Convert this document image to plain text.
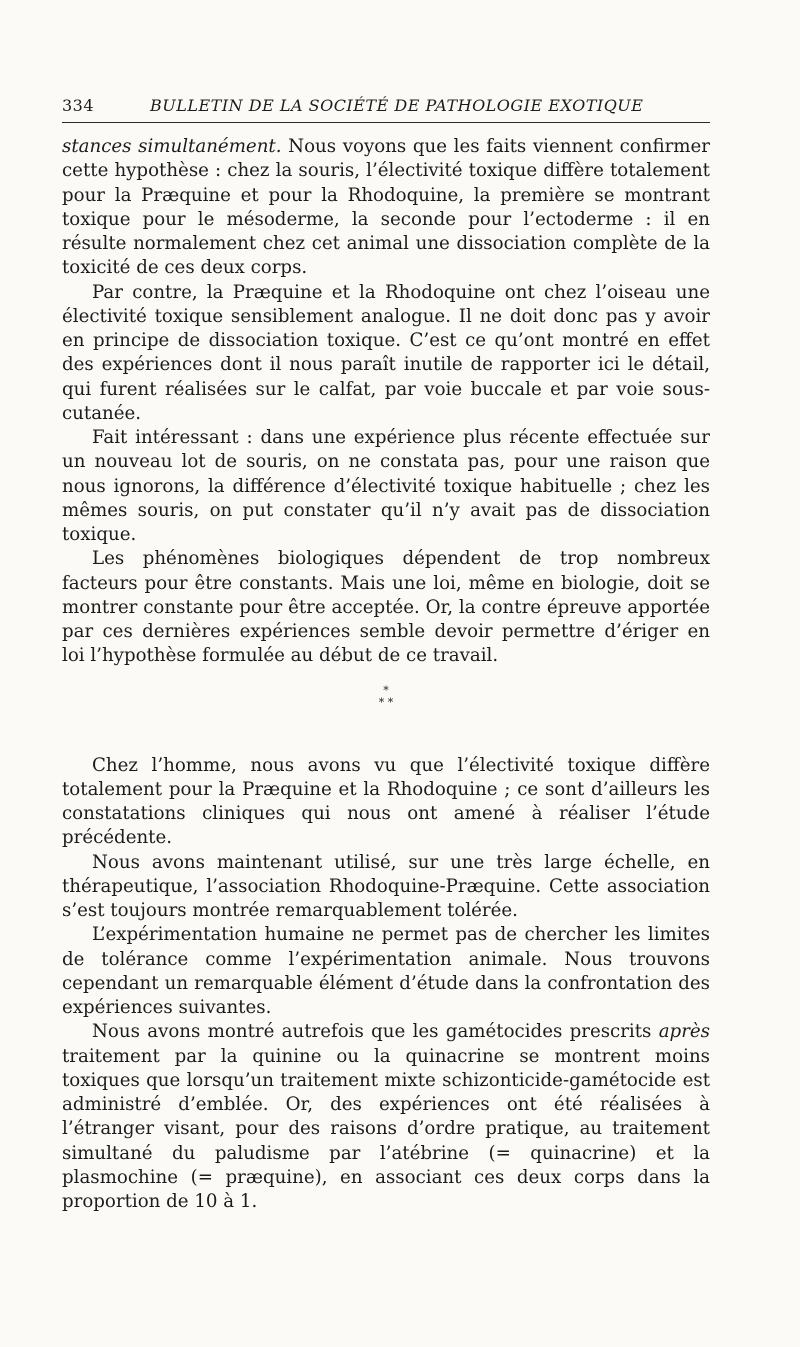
334	BULLETIN DE LA SOCIÉTÉ DE PATHOLOGIE EXOTIQUE

stances simultanément. Nous voyons que les faits viennent confirmer cette hypothèse : chez la souris, l’électivité toxique diffère totalement pour la Præquine et pour la Rhodoquine, la première se montrant toxique pour le mésoderme, la seconde pour l’ectoderme : il en résulte normalement chez cet animal une dissociation complète de la toxicité de ces deux corps.

Par contre, la Præquine et la Rhodoquine ont chez l’oiseau une électivité toxique sensiblement analogue. Il ne doit donc pas y avoir en principe de dissociation toxique. C’est ce qu’ont montré en effet des expériences dont il nous paraît inutile de rapporter ici le détail, qui furent réalisées sur le calfat, par voie buccale et par voie sous-cutanée.

Fait intéressant : dans une expérience plus récente effectuée sur un nouveau lot de souris, on ne constata pas, pour une raison que nous ignorons, la différence d’électivité toxique habituelle ; chez les mêmes souris, on put constater qu’il n’y avait pas de dissociation toxique.

Les phénomènes biologiques dépendent de trop nombreux facteurs pour être constants. Mais une loi, même en biologie, doit se montrer constante pour être acceptée. Or, la contre épreuve apportée par ces dernières expériences semble devoir permettre d’ériger en loi l’hypothèse formulée au début de ce travail.

*
* *

Chez l’homme, nous avons vu que l’électivité toxique diffère totalement pour la Præquine et la Rhodoquine ; ce sont d’ailleurs les constatations cliniques qui nous ont amené à réaliser l’étude précédente.

Nous avons maintenant utilisé, sur une très large échelle, en thérapeutique, l’association Rhodoquine-Præquine. Cette association s’est toujours montrée remarquablement tolérée.

L’expérimentation humaine ne permet pas de chercher les limites de tolérance comme l’expérimentation animale. Nous trouvons cependant un remarquable élément d’étude dans la confrontation des expériences suivantes.

Nous avons montré autrefois que les gamétocides prescrits après traitement par la quinine ou la quinacrine se montrent moins toxiques que lorsqu’un traitement mixte schizonticide-gamétocide est administré d’emblée. Or, des expériences ont été réalisées à l’étranger visant, pour des raisons d’ordre pratique, au traitement simultané du paludisme par l’atébrine (= quinacrine) et la plasmochine (= præquine), en associant ces deux corps dans la proportion de 10 à 1.
